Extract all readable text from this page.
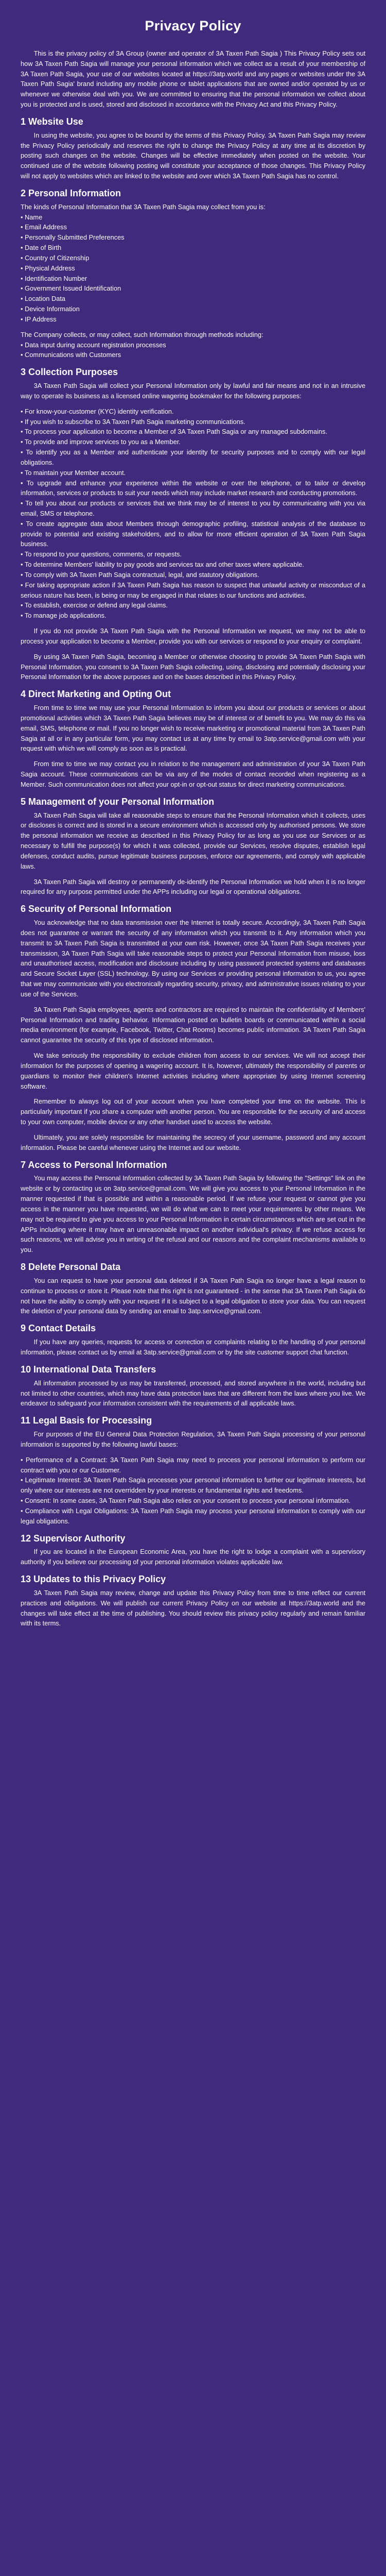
Privacy Policy

This is the privacy policy of 3A Group (owner and operator of 3A Taxen Path Sagia ) This Privacy Policy sets out how 3A Taxen Path Sagia will manage your personal information which we collect as a result of your membership of 3A Taxen Path Sagia, your use of our websites located at https://3atp.world and any pages or websites under the 3A Taxen Path Sagia' brand including any mobile phone or tablet applications that are owned and/or operated by us or whenever we otherwise deal with you. We are committed to ensuring that the personal information we collect about you is protected and is used, stored and disclosed in accordance with the Privacy Act and this Privacy Policy.

1 Website Use

In using the website, you agree to be bound by the terms of this Privacy Policy. 3A Taxen Path Sagia may review the Privacy Policy periodically and reserves the right to change the Privacy Policy at any time at its discretion by posting such changes on the website. Changes will be effective immediately when posted on the website. Your continued use of the website following posting will constitute your acceptance of those changes. This Privacy Policy will not apply to websites which are linked to the website and over which 3A Taxen Path Sagia has no control.

2 Personal Information

The kinds of Personal Information that 3A Taxen Path Sagia may collect from you is:

• Name
• Email Address
• Personally Submitted Preferences
• Date of Birth
• Country of Citizenship
• Physical Address
• Identification Number
• Government Issued Identification
• Location Data
• Device Information
• IP Address

The Company collects, or may collect, such Information through methods including:

• Data input during account registration processes
• Communications with Customers
3 Collection Purposes

3A Taxen Path Sagia will collect your Personal Information only by lawful and fair means and not in an intrusive way to operate its business as a licensed online wagering bookmaker for the following purposes:

• For know-your-customer (KYC) identity verification.
• If you wish to subscribe to 3A Taxen Path Sagia marketing communications.
• To process your application to become a Member of 3A Taxen Path Sagia or any managed subdomains.
• To provide and improve services to you as a Member.
• To identify you as a Member and authenticate your identity for security purposes and to comply with our legal obligations.
• To maintain your Member account.
• To upgrade and enhance your experience within the website or over the telephone, or to tailor or develop information, services or products to suit your needs which may include market research and conducting promotions.
• To tell you about our products or services that we think may be of interest to you by communicating with you via email, SMS or telephone.
• To create aggregate data about Members through demographic profiling, statistical analysis of the database to provide to potential and existing stakeholders, and to allow for more efficient operation of 3A Taxen Path Sagia business.
• To respond to your questions, comments, or requests.
• To determine Members' liability to pay goods and services tax and other taxes where applicable.
• To comply with 3A Taxen Path Sagia contractual, legal, and statutory obligations.
• For taking appropriate action if 3A Taxen Path Sagia has reason to suspect that unlawful activity or misconduct of a serious nature has been, is being or may be engaged in that relates to our functions and activities.
• To establish, exercise or defend any legal claims.
• To manage job applications.

If you do not provide 3A Taxen Path Sagia with the Personal Information we request, we may not be able to process your application to become a Member, provide you with our services or respond to your enquiry or complaint.

By using 3A Taxen Path Sagia, becoming a Member or otherwise choosing to provide 3A Taxen Path Sagia with Personal Information, you consent to 3A Taxen Path Sagia collecting, using, disclosing and potentially disclosing your Personal Information for the above purposes and on the bases described in this Privacy Policy.

4 Direct Marketing and Opting Out

From time to time we may use your Personal Information to inform you about our products or services or about promotional activities which 3A Taxen Path Sagia believes may be of interest or of benefit to you. We may do this via email, SMS, telephone or mail. If you no longer wish to receive marketing or promotional material from 3A Taxen Path Sagia at all or in any particular form, you may contact us at any time by email to 3atp.service@gmail.com with your request with which we will comply as soon as is practical.

From time to time we may contact you in relation to the management and administration of your 3A Taxen Path Sagia account. These communications can be via any of the modes of contact recorded when registering as a Member. Such communication does not affect your opt-in or opt-out status for direct marketing communications.

5 Management of your Personal Information

3A Taxen Path Sagia will take all reasonable steps to ensure that the Personal Information which it collects, uses or discloses is correct and is stored in a secure environment which is accessed only by authorised persons. We store the personal information we receive as described in this Privacy Policy for as long as you use our Services or as necessary to fulfill the purpose(s) for which it was collected, provide our Services, resolve disputes, establish legal defenses, conduct audits, pursue legitimate business purposes, enforce our agreements, and comply with applicable laws.

3A Taxen Path Sagia will destroy or permanently de-identify the Personal Information we hold when it is no longer required for any purpose permitted under the APPs including our legal or operational obligations.

6 Security of Personal Information

You acknowledge that no data transmission over the Internet is totally secure. Accordingly, 3A Taxen Path Sagia does not guarantee or warrant the security of any information which you transmit to it. Any information which you transmit to 3A Taxen Path Sagia is transmitted at your own risk. However, once 3A Taxen Path Sagia receives your transmission, 3A Taxen Path Sagia will take reasonable steps to protect your Personal Information from misuse, loss and unauthorised access, modification and disclosure including by using password protected systems and databases and Secure Socket Layer (SSL) technology. By using our Services or providing personal information to us, you agree that we may communicate with you electronically regarding security, privacy, and administrative issues relating to your use of the Services.

3A Taxen Path Sagia employees, agents and contractors are required to maintain the confidentiality of Members' Personal Information and trading behavior. Information posted on bulletin boards or communicated within a social media environment (for example, Facebook, Twitter, Chat Rooms) becomes public information. 3A Taxen Path Sagia cannot guarantee the security of this type of disclosed information.

We take seriously the responsibility to exclude children from access to our services. We will not accept their information for the purposes of opening a wagering account. It is, however, ultimately the responsibility of parents or guardians to monitor their children's Internet activities including where appropriate by using Internet screening software.

Remember to always log out of your account when you have completed your time on the website. This is particularly important if you share a computer with another person. You are responsible for the security of and access to your own computer, mobile device or any other handset used to access the website.

Ultimately, you are solely responsible for maintaining the secrecy of your username, password and any account information. Please be careful whenever using the Internet and our website.

7 Access to Personal Information

You may access the Personal Information collected by 3A Taxen Path Sagia by following the "Settings" link on the website or by contacting us on 3atp.service@gmail.com. We will give you access to your Personal Information in the manner requested if that is possible and within a reasonable period. If we refuse your request or cannot give you access in the manner you have requested, we will do what we can to meet your requirements by other means. We may not be required to give you access to your Personal Information in certain circumstances which are set out in the APPs including where it may have an unreasonable impact on another individual's privacy. If we refuse access for such reasons, we will advise you in writing of the refusal and our reasons and the complaint mechanisms available to you.

8 Delete Personal Data

You can request to have your personal data deleted if 3A Taxen Path Sagia no longer have a legal reason to continue to process or store it. Please note that this right is not guaranteed - in the sense that 3A Taxen Path Sagia do not have the ability to comply with your request if it is subject to a legal obligation to store your data. You can request the deletion of your personal data by sending an email to 3atp.service@gmail.com.

9 Contact Details

If you have any queries, requests for access or correction or complaints relating to the handling of your personal information, please contact us by email at 3atp.service@gmail.com or by the site customer support chat function.

10 International Data Transfers

All information processed by us may be transferred, processed, and stored anywhere in the world, including but not limited to other countries, which may have data protection laws that are different from the laws where you live. We endeavor to safeguard your information consistent with the requirements of all applicable laws.

11 Legal Basis for Processing

For purposes of the EU General Data Protection Regulation, 3A Taxen Path Sagia processing of your personal information is supported by the following lawful bases:

• Performance of a Contract: 3A Taxen Path Sagia may need to process your personal information to perform our contract with you or our Customer.
• Legitimate Interest: 3A Taxen Path Sagia processes your personal information to further our legitimate interests, but only where our interests are not overridden by your interests or fundamental rights and freedoms.
• Consent: In some cases, 3A Taxen Path Sagia also relies on your consent to process your personal information.
• Compliance with Legal Obligations: 3A Taxen Path Sagia may process your personal information to comply with our legal obligations.
12 Supervisor Authority

If you are located in the European Economic Area, you have the right to lodge a complaint with a supervisory authority if you believe our processing of your personal information violates applicable law.

13 Updates to this Privacy Policy

3A Taxen Path Sagia may review, change and update this Privacy Policy from time to time reflect our current practices and obligations. We will publish our current Privacy Policy on our website at https://3atp.world and the changes will take effect at the time of publishing. You should review this privacy policy regularly and remain familiar with its terms.
